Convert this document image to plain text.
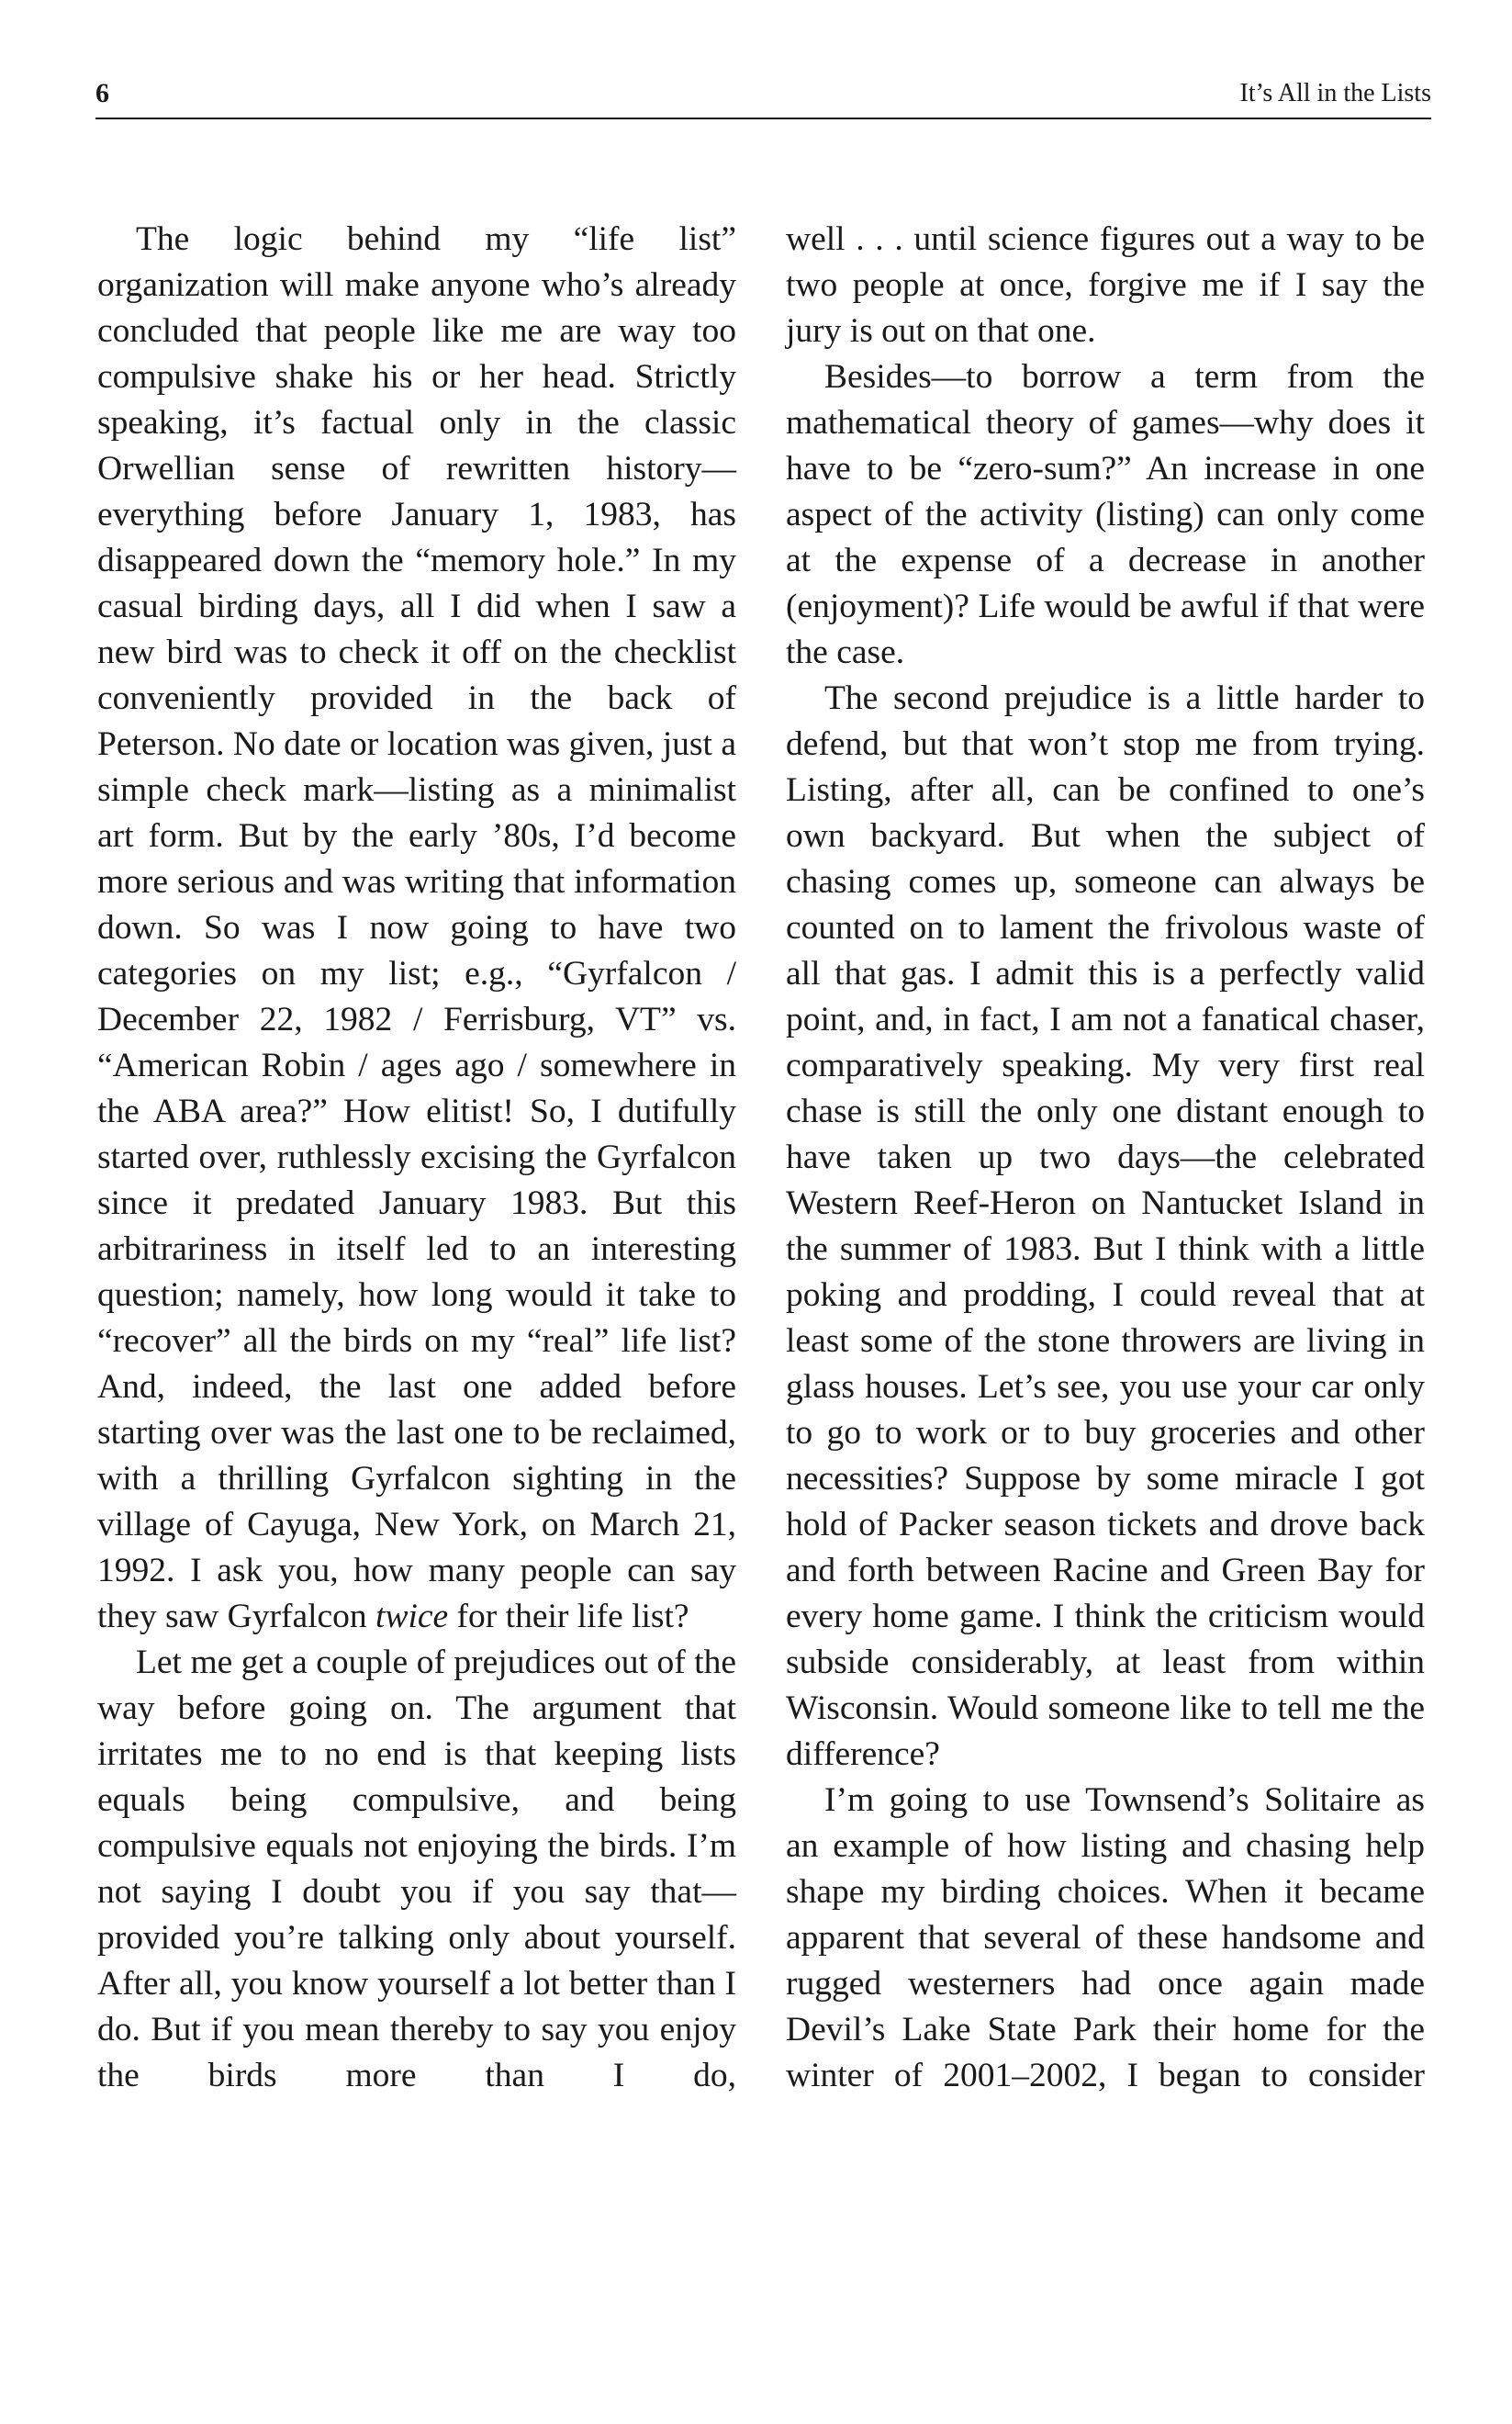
6	It’s All in the Lists

The logic behind my “life list” organization will make anyone who’s already concluded that people like me are way too compulsive shake his or her head. Strictly speaking, it’s factual only in the classic Orwellian sense of rewritten history—everything before January 1, 1983, has disappeared down the “memory hole.” In my casual birding days, all I did when I saw a new bird was to check it off on the checklist conveniently provided in the back of Peterson. No date or location was given, just a simple check mark—listing as a minimalist art form. But by the early ’80s, I’d become more serious and was writing that information down. So was I now going to have two categories on my list; e.g., “Gyrfalcon / December 22, 1982 / Ferrisburg, VT” vs. “American Robin / ages ago / somewhere in the ABA area?” How elitist! So, I dutifully started over, ruthlessly excising the Gyrfalcon since it predated January 1983. But this arbitrariness in itself led to an interesting question; namely, how long would it take to “recover” all the birds on my “real” life list? And, indeed, the last one added before starting over was the last one to be reclaimed, with a thrilling Gyrfalcon sighting in the village of Cayuga, New York, on March 21, 1992. I ask you, how many people can say they saw Gyrfalcon twice for their life list?

Let me get a couple of prejudices out of the way before going on. The argument that irritates me to no end is that keeping lists equals being compulsive, and being compulsive equals not enjoying the birds. I’m not saying I doubt you if you say that—provided you’re talking only about yourself. After all, you know yourself a lot better than I do. But if you mean thereby to say you enjoy the birds more than I do,

well . . . until science figures out a way to be two people at once, forgive me if I say the jury is out on that one.

Besides—to borrow a term from the mathematical theory of games—why does it have to be “zero-sum?” An increase in one aspect of the activity (listing) can only come at the expense of a decrease in another (enjoyment)? Life would be awful if that were the case.

The second prejudice is a little harder to defend, but that won’t stop me from trying. Listing, after all, can be confined to one’s own backyard. But when the subject of chasing comes up, someone can always be counted on to lament the frivolous waste of all that gas. I admit this is a perfectly valid point, and, in fact, I am not a fanatical chaser, comparatively speaking. My very first real chase is still the only one distant enough to have taken up two days—the celebrated Western Reef-Heron on Nantucket Island in the summer of 1983. But I think with a little poking and prodding, I could reveal that at least some of the stone throwers are living in glass houses. Let’s see, you use your car only to go to work or to buy groceries and other necessities? Suppose by some miracle I got hold of Packer season tickets and drove back and forth between Racine and Green Bay for every home game. I think the criticism would subside considerably, at least from within Wisconsin. Would someone like to tell me the difference?

I’m going to use Townsend’s Solitaire as an example of how listing and chasing help shape my birding choices. When it became apparent that several of these handsome and rugged westerners had once again made Devil’s Lake State Park their home for the winter of 2001–2002, I began to consider
